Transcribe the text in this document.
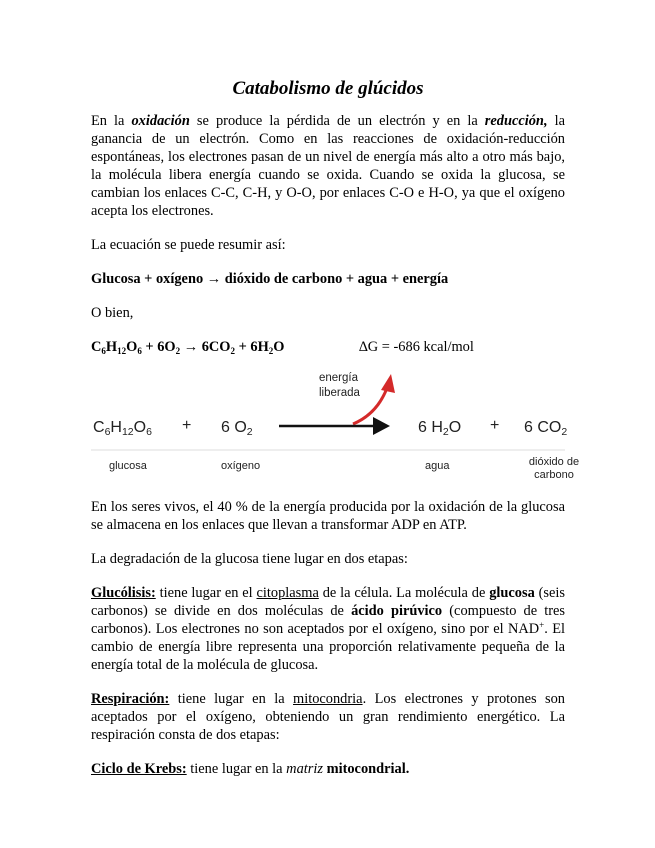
Catabolismo de glúcidos

En la oxidación se produce la pérdida de un electrón y en la reducción, la ganancia de un electrón. Como en las reacciones de oxidación-reducción espontáneas, los electrones pasan de un nivel de energía más alto a otro más bajo, la molécula libera energía cuando se oxida. Cuando se oxida la glucosa, se cambian los enlaces C-C, C-H, y O-O, por enlaces C-O e H-O, ya que el oxígeno acepta los electrones.

La ecuación se puede resumir así:

Glucosa + oxígeno → dióxido de carbono + agua + energía

O bien,

$C_6H_{12}O_6 + 6O_2 \to 6CO_2 + 6H_2O$	∆G = -686 kcal/mol
energía
liberada
C6H12O6 + 6 O2	6 H2O + 6 CO2
glucosa	oxígeno	agua	dióxido de
carbono

En los seres vivos, el 40 % de la energía producida por la oxidación de la glucosa se almacena en los enlaces que llevan a transformar ADP en ATP.

La degradación de la glucosa tiene lugar en dos etapas:

Glucólisis: tiene lugar en el citoplasma de la célula. La molécula de glucosa (seis carbonos) se divide en dos moléculas de ácido pirúvico (compuesto de tres carbonos). Los electrones no son aceptados por el oxígeno, sino por el NAD+. El cambio de energía libre representa una proporción relativamente pequeña de la energía total de la molécula de glucosa.

Respiración: tiene lugar en la mitocondria. Los electrones y protones son aceptados por el oxígeno, obteniendo un gran rendimiento energético. La respiración consta de dos etapas:

Ciclo de Krebs: tiene lugar en la matriz mitocondrial.
